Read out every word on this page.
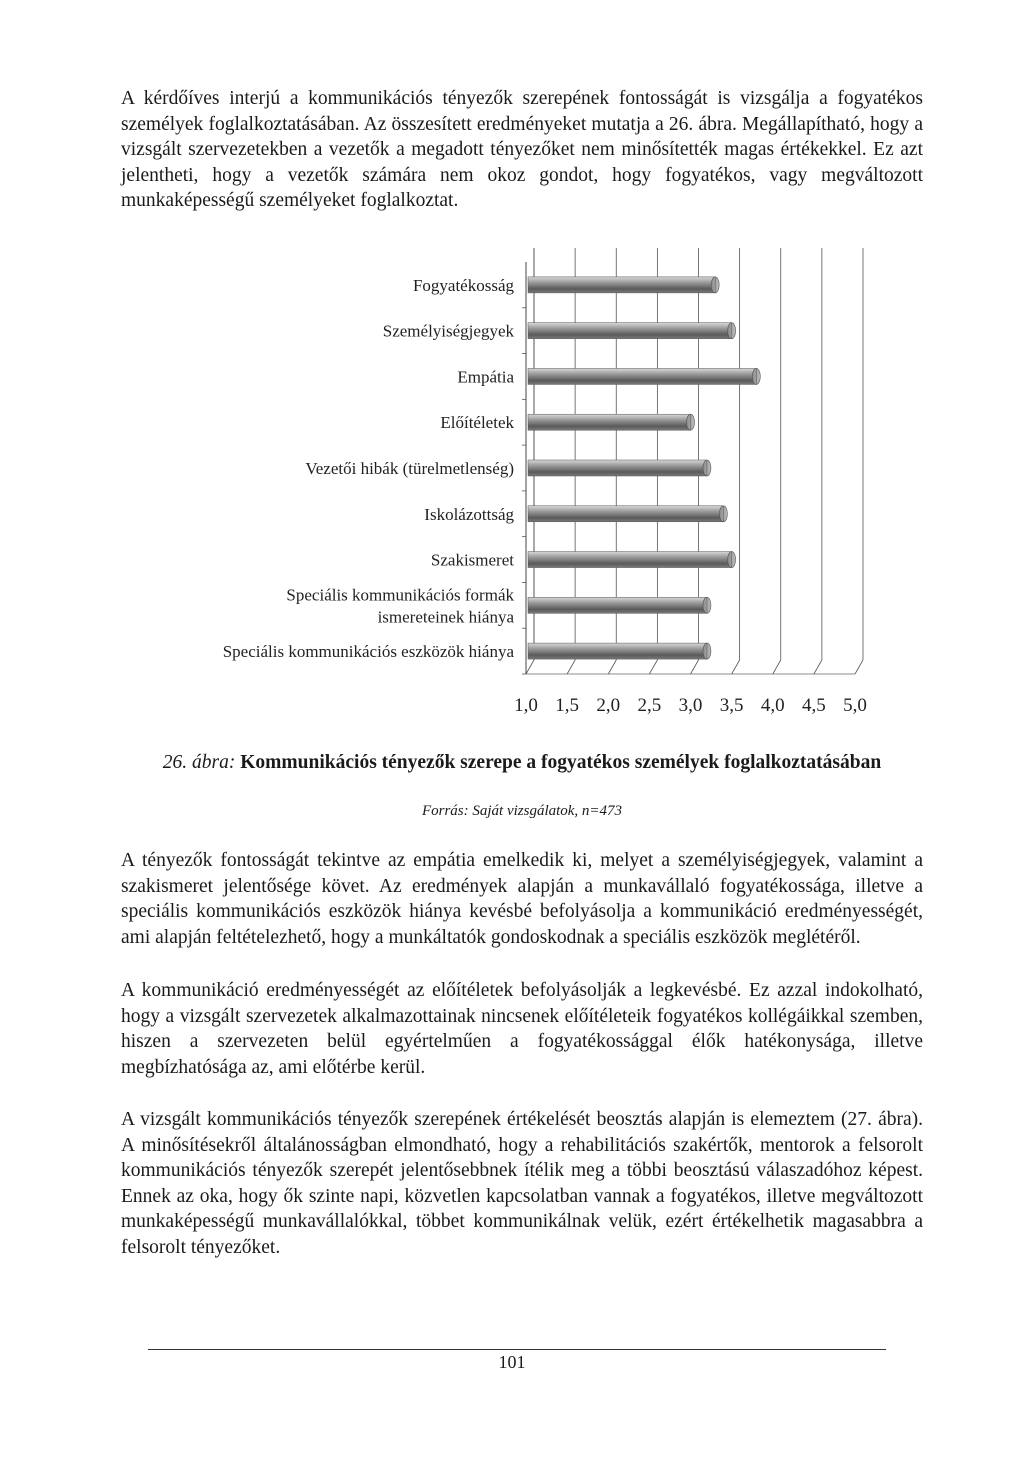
A kérdőíves interjú a kommunikációs tényezők szerepének fontosságát is vizsgálja a fogyatékos személyek foglalkoztatásában. Az összesített eredményeket mutatja a 26. ábra. Megállapítható, hogy a vizsgált szervezetekben a vezetők a megadott tényezőket nem minősítették magas értékekkel. Ez azt jelentheti, hogy a vezetők számára nem okoz gondot, hogy fogyatékos, vagy megváltozott munkaképességű személyeket foglalkoztat.

Fogyatékosság
Személyiségjegyek
Empátia
Előítéletek
Vezetői hibák (türelmetlenség)
Iskolázottság
Szakismeret
Speciális kommunikációs formák ismereteinek hiánya
Speciális kommunikációs eszközök hiánya
1,0 1,5 2,0 2,5 3,0 3,5 4,0 4,5 5,0
26. ábra: Kommunikációs tényezők szerepe a fogyatékos személyek foglalkoztatásában
Forrás: Saját vizsgálatok, n=473

A tényezők fontosságát tekintve az empátia emelkedik ki, melyet a személyiségjegyek, valamint a szakismeret jelentősége követ. Az eredmények alapján a munkavállaló fogyatékossága, illetve a speciális kommunikációs eszközök hiánya kevésbé befolyásolja a kommunikáció eredményességét, ami alapján feltételezhető, hogy a munkáltatók gondoskodnak a speciális eszközök meglétéről.

A kommunikáció eredményességét az előítéletek befolyásolják a legkevésbé. Ez azzal indokolható, hogy a vizsgált szervezetek alkalmazottainak nincsenek előítéleteik fogyatékos kollégáikkal szemben, hiszen a szervezeten belül egyértelműen a fogyatékossággal élők hatékonysága, illetve megbízhatósága az, ami előtérbe kerül.

A vizsgált kommunikációs tényezők szerepének értékelését beosztás alapján is elemeztem (27. ábra). A minősítésekről általánosságban elmondható, hogy a rehabilitációs szakértők, mentorok a felsorolt kommunikációs tényezők szerepét jelentősebbnek ítélik meg a többi beosztású válaszadóhoz képest. Ennek az oka, hogy ők szinte napi, közvetlen kapcsolatban vannak a fogyatékos, illetve megváltozott munkaképességű munkavállalókkal, többet kommunikálnak velük, ezért értékelhetik magasabbra a felsorolt tényezőket.

101
